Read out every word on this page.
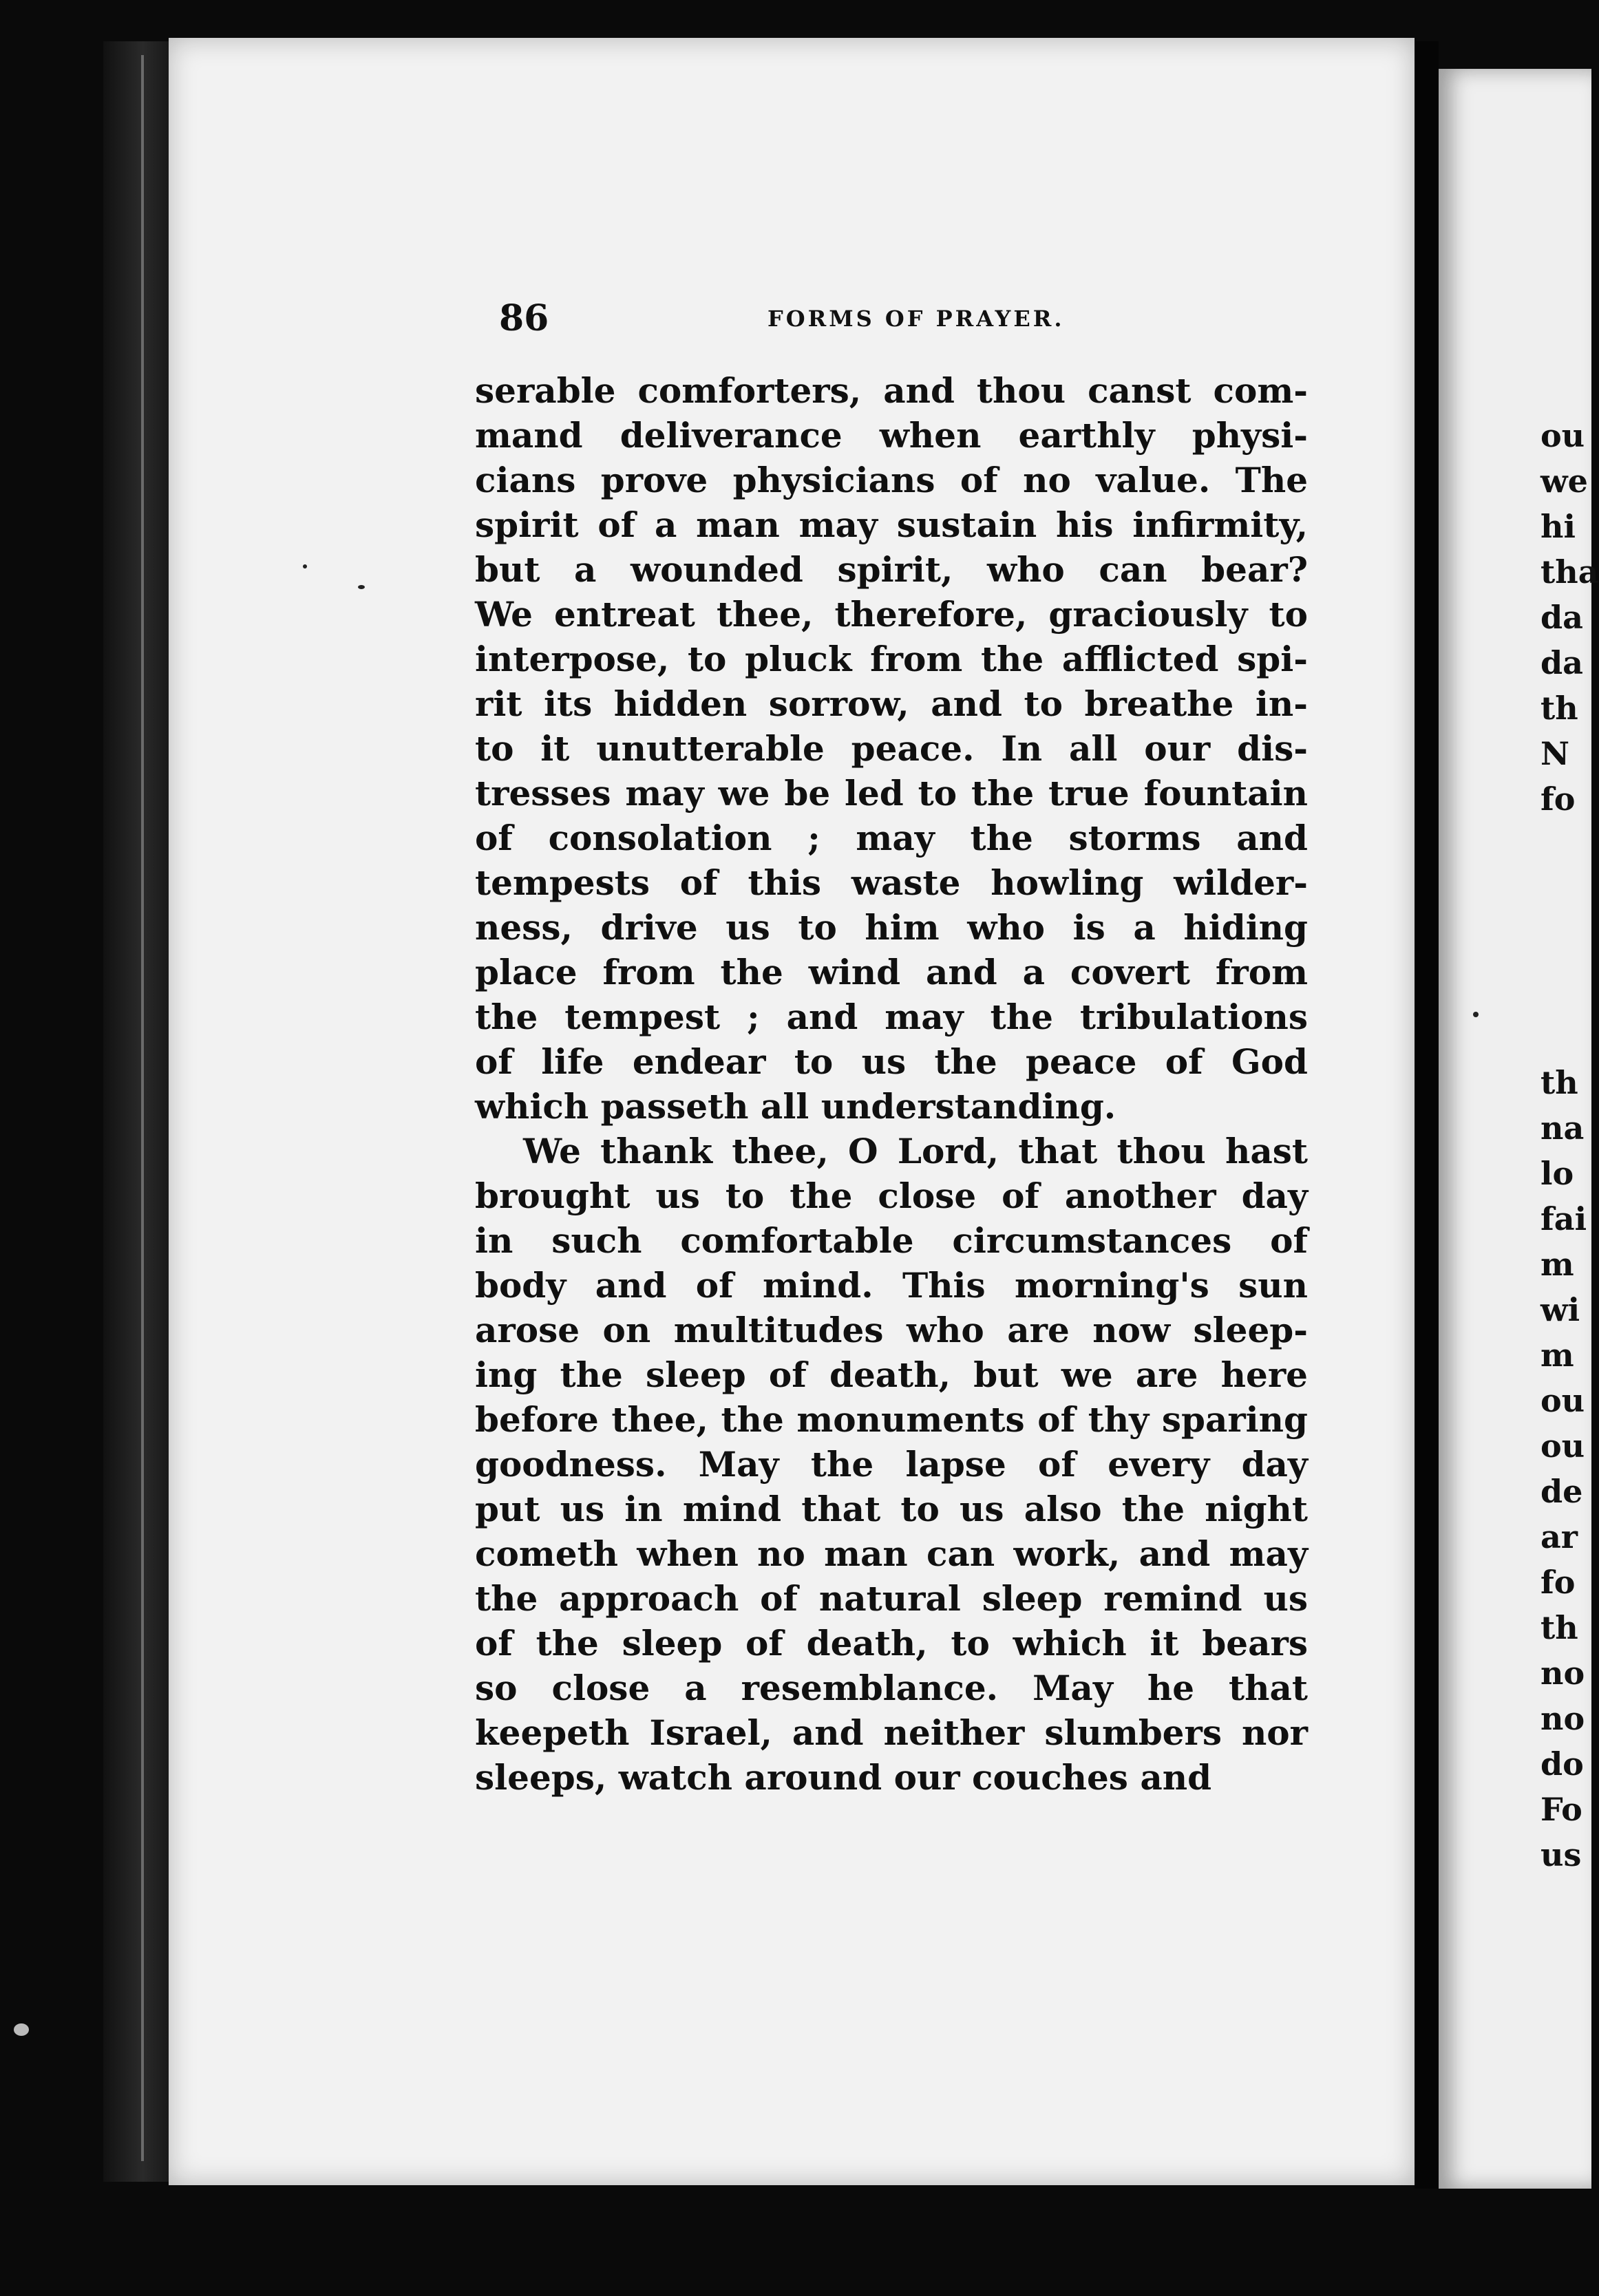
86	FORMS OF PRAYER.
serable comforters, and thou canst com-
mand deliverance when earthly physi-
cians prove physicians of no value. The
spirit of a man may sustain his infirmity,
but a wounded spirit, who can bear?
We entreat thee, therefore, graciously to
interpose, to pluck from the afflicted spi-
rit its hidden sorrow, and to breathe in-
to it unutterable peace. In all our dis-
tresses may we be led to the true fountain
of consolation ; may the storms and
tempests of this waste howling wilder-
ness, drive us to him who is a hiding
place from the wind and a covert from
the tempest ; and may the tribulations
of life endear to us the peace of God
which passeth all understanding.
We thank thee, O Lord, that thou hast
brought us to the close of another day
in such comfortable circumstances of
body and of mind. This morning's sun
arose on multitudes who are now sleep-
ing the sleep of death, but we are here
before thee, the monuments of thy sparing
goodness. May the lapse of every day
put us in mind that to us also the night
cometh when no man can work, and may
the approach of natural sleep remind us
of the sleep of death, to which it bears
so close a resemblance. May he that
keepeth Israel, and neither slumbers nor
sleeps, watch around our couches and
ou
we
hi
tha
da
da
th
N
fo
th
na
lo
fai
m
wi
m
ou
ou
de
ar
fo
th
no
no
do
Fo
us
